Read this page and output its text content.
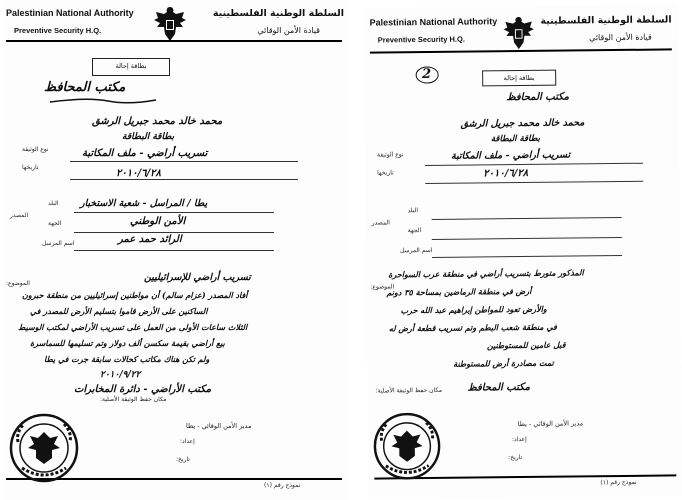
Palestinian National Authority
Preventive Security H.Q.
السلطة الوطنية الفلسطينية
قيادة الأمن الوقائي
بطاقة إحالة
مكتب المحافظ
محمد خالد محمد جبريل الرشق
بطاقة البطاقة
تسريب أراضي - ملف المكاتبة
نوع الوثيقة
٢٠١٠/٦/٢٨
تاريخها
البلد
المصدر
الجهة
اسم المرسل
يطا / المراسل - شعبة الاستخبار
الأمن الوطني
الرائد حمد عمر
الموضوع:
تسريب أراضي للإسرائيليين
أفاد المصدر (عزام سالم) أن مواطنين إسرائيليين من منطقة حبرون
الساكنين على الأرض قاموا بتسليم الأرض للمصدر في
الثلاث ساعات الأولى من العمل على تسريب الأراضي لمكتب الوسيط
بيع أراضي بقيمة سكسن ألف دولار وتم تسليمها للسماسرة
ولم تكن هناك مكاتب كحالات سابقة جرت في يطا
٢٠١٠/٩/٢٢
مكتب الأراضي - دائرة المخابرات
مكان حفظ الوثيقة الأصلية:
مدير الأمن الوقائي - يطا
إعداد:
تاريخ:
نموذج رقم (١)
Palestinian National Authority
Preventive Security H.Q.
السلطة الوطنية الفلسطينية
قيادة الأمن الوقائي
بطاقة إحالة
2
مكتب المحافظ
محمد خالد محمد جبريل الرشق
بطاقة البطاقة
تسريب أراضي - ملف المكاتبة
نوع الوثيقة
٢٠١٠/٦/٢٨
تاريخها
البلد
المصدر
الجهة
اسم المرسل
الموضوع:
المذكور متورط بتسريب أراضي في منطقة عرب السواحرة
أرض في منطقة الرماضين بمساحة ٣٥ دونم
والأرض تعود للمواطن إبراهيم عبد الله حرب
في منطقة شعب البطم وتم تسريب قطعة أرض له
قبل عامين للمستوطنين
تمت مصادرة أرض للمستوطنة
مكتب المحافظ
مكان حفظ الوثيقة الأصلية:
مدير الأمن الوقائي - يطا
إعداد:
تاريخ:
نموذج رقم (١)
